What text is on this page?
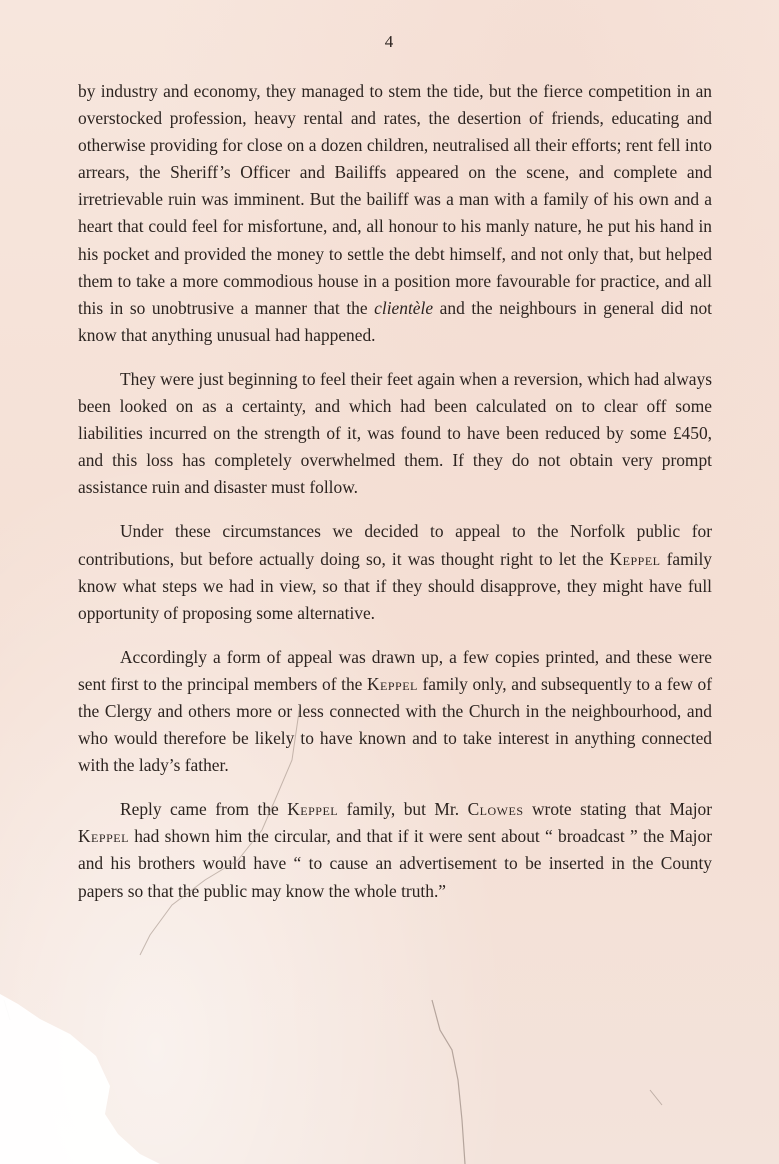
4

by industry and economy, they managed to stem the tide, but the fierce competition in an overstocked profession, heavy rental and rates, the desertion of friends, educating and otherwise providing for close on a dozen children, neutralised all their efforts; rent fell into arrears, the Sheriff’s Officer and Bailiffs appeared on the scene, and complete and irretrievable ruin was imminent. But the bailiff was a man with a family of his own and a heart that could feel for misfortune, and, all honour to his manly nature, he put his hand in his pocket and provided the money to settle the debt himself, and not only that, but helped them to take a more commodious house in a position more favourable for practice, and all this in so unobtrusive a manner that the clientèle and the neighbours in general did not know that anything unusual had happened.

They were just beginning to feel their feet again when a reversion, which had always been looked on as a certainty, and which had been calculated on to clear off some liabilities incurred on the strength of it, was found to have been reduced by some £450, and this loss has completely overwhelmed them. If they do not obtain very prompt assistance ruin and disaster must follow.

Under these circumstances we decided to appeal to the Norfolk public for contributions, but before actually doing so, it was thought right to let the Keppel family know what steps we had in view, so that if they should disapprove, they might have full opportunity of proposing some alternative.

Accordingly a form of appeal was drawn up, a few copies printed, and these were sent first to the principal members of the Keppel family only, and subsequently to a few of the Clergy and others more or less connected with the Church in the neighbourhood, and who would therefore be likely to have known and to take interest in anything connected with the lady’s father.

Reply came from the Keppel family, but Mr. Clowes wrote stating that Major Keppel had shown him the circular, and that if it were sent about “ broadcast ” the Major and his brothers would have “ to cause an advertisement to be inserted in the County papers so that the public may know the whole truth.”
